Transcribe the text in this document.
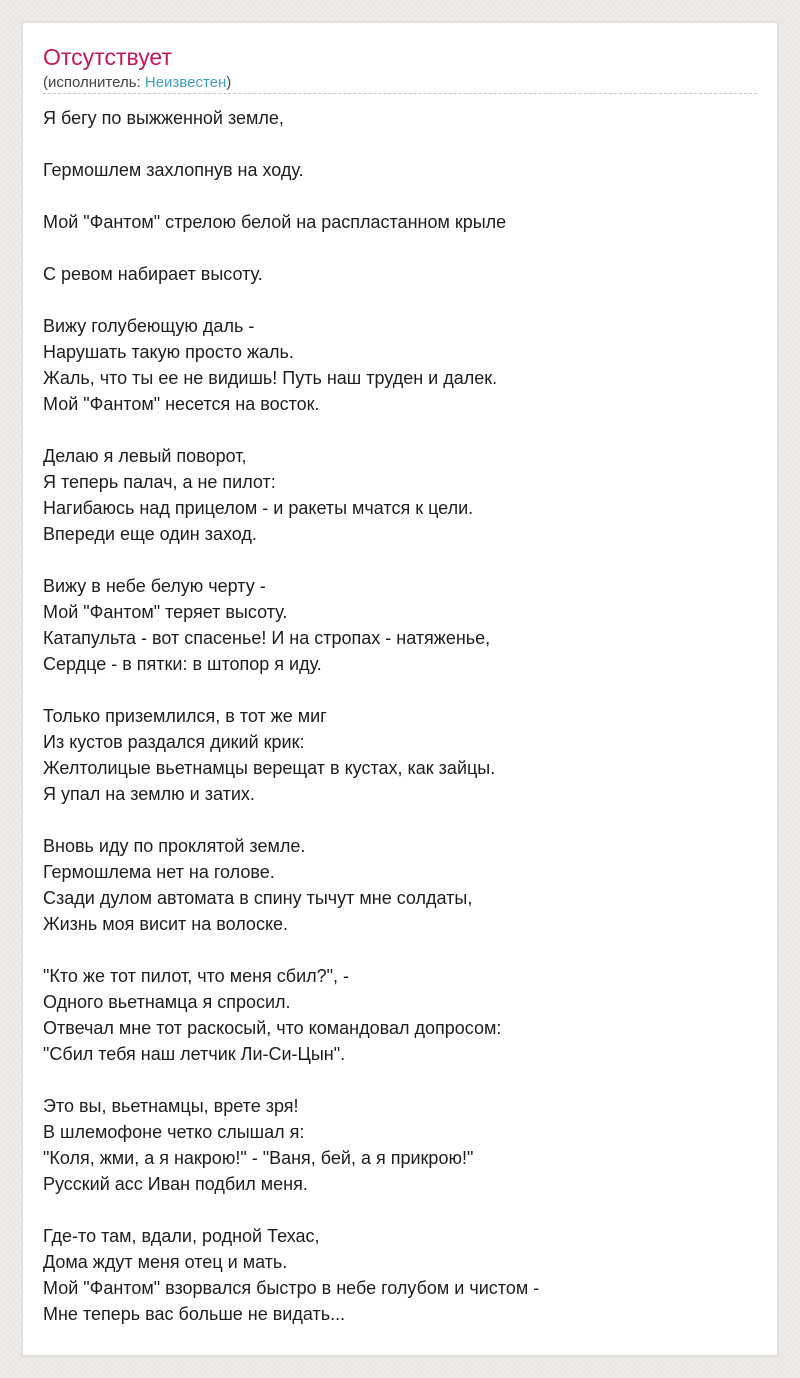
Отсутствует
(исполнитель: Неизвестен)
Я бегу по выжженной земле,
Гермошлем захлопнув на ходу.
Мой "Фантом" стрелою белой на распластанном крыле
С ревом набирает высоту.
Вижу голубеющую даль -
Нарушать такую просто жаль.
Жаль, что ты ее не видишь! Путь наш труден и далек.
Мой "Фантом" несется на восток.
Делаю я левый поворот,
Я теперь палач, а не пилот:
Нагибаюсь над прицелом - и ракеты мчатся к цели.
Впереди еще один заход.
Вижу в небе белую черту -
Мой "Фантом" теряет высоту.
Катапульта - вот спасенье! И на стропах - натяженье,
Сердце - в пятки: в штопор я иду.
Только приземлился, в тот же миг
Из кустов раздался дикий крик:
Желтолицые вьетнамцы верещат в кустах, как зайцы.
Я упал на землю и затих.
Вновь иду по проклятой земле.
Гермошлема нет на голове.
Сзади дулом автомата в спину тычут мне солдаты,
Жизнь моя висит на волоске.
"Кто же тот пилот, что меня сбил?", -
Одного вьетнамца я спросил.
Отвечал мне тот раскосый, что командовал допросом:
"Сбил тебя наш летчик Ли-Си-Цын".
Это вы, вьетнамцы, врете зря!
В шлемофоне четко слышал я:
"Коля, жми, а я накрою!" - "Ваня, бей, а я прикрою!"
Русский асс Иван подбил меня.
Где-то там, вдали, родной Техас,
Дома ждут меня отец и мать.
Мой "Фантом" взорвался быстро в небе голубом и чистом -
Мне теперь вас больше не видать...
